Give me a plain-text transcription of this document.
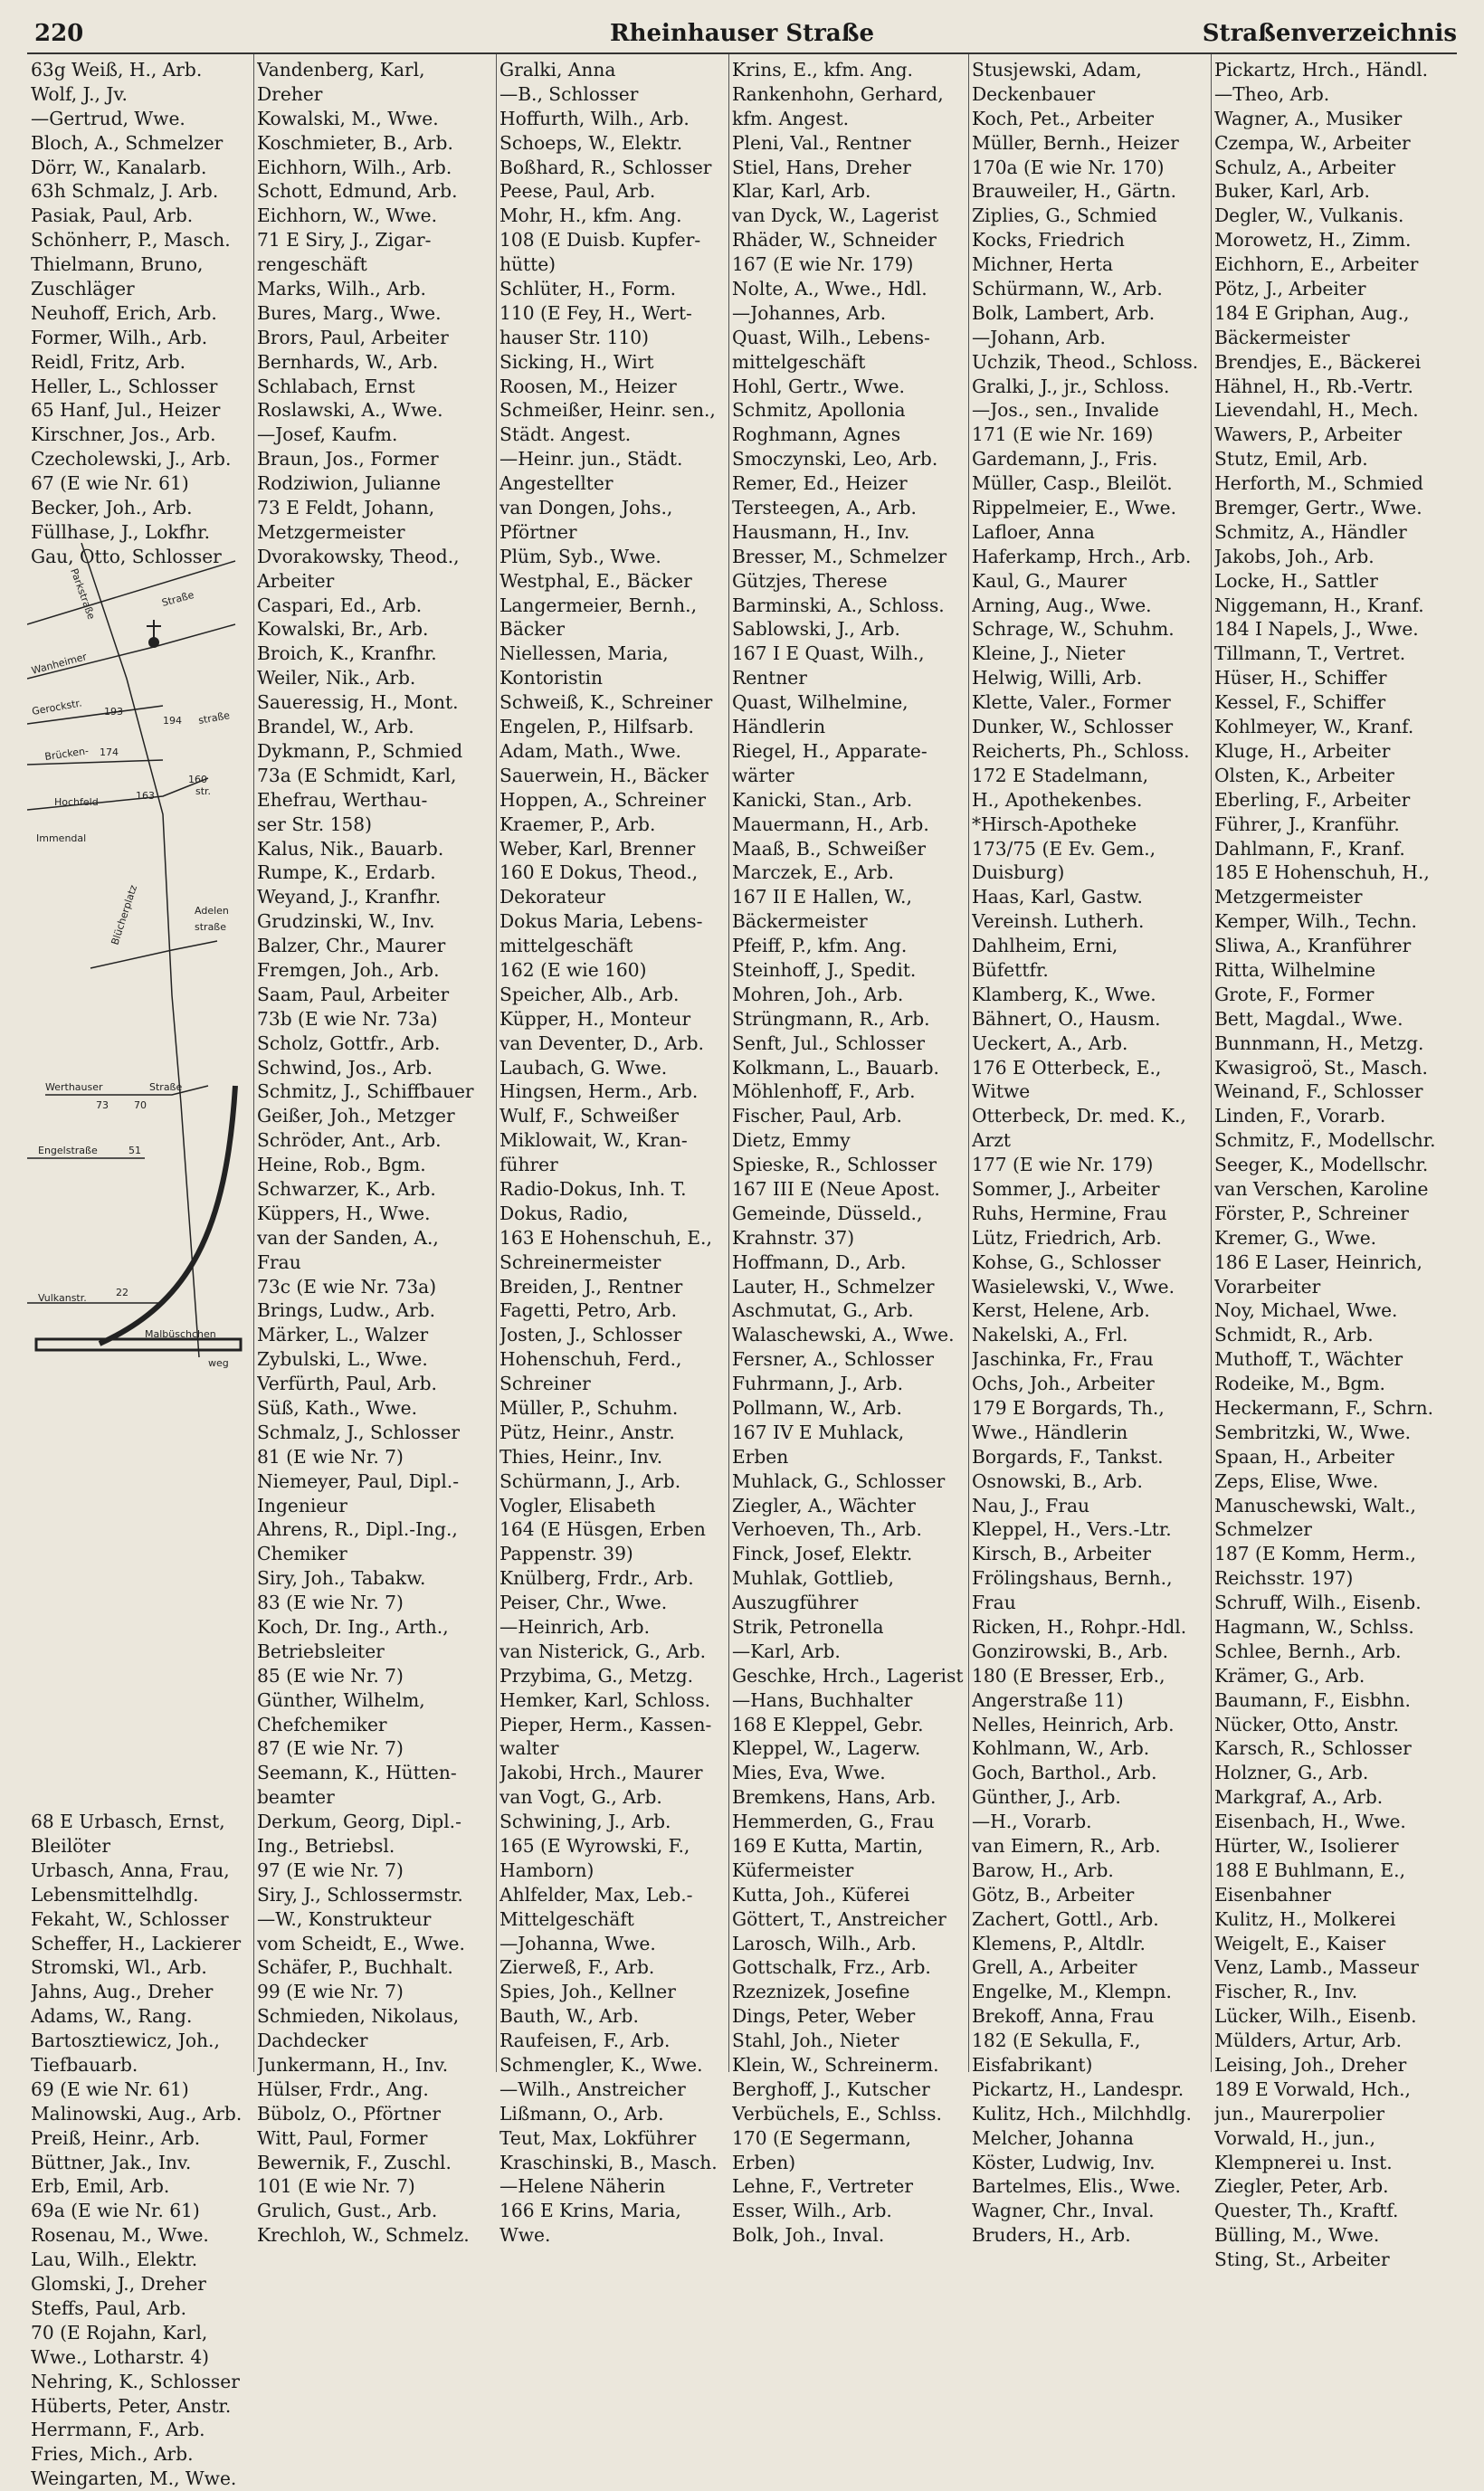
220	Rheinhauser Straße	Straßenverzeichnis
63g Weiß, H., Arb.
Wolf, J., Jv.
—Gertrud, Wwe.
Bloch, A., Schmelzer
Dörr, W., Kanalarb.
63h Schmalz, J. Arb.
Pasiak, Paul, Arb.
Schönherr, P., Masch.
Thielmann, Bruno,
Zuschläger
Neuhoff, Erich, Arb.
Former, Wilh., Arb.
Reidl, Fritz, Arb.
Heller, L., Schlosser
65 Hanf, Jul., Heizer
Kirschner, Jos., Arb.
Czecholewski, J., Arb.
67 (E wie Nr. 61)
Becker, Joh., Arb.
Füllhase, J., Lokfhr.
Gau, Otto, Schlosser
68 E Urbasch, Ernst,
Bleilöter
Urbasch, Anna, Frau,
Lebensmittelhdlg.
Fekaht, W., Schlosser
Scheffer, H., Lackierer
Stromski, Wl., Arb.
Jahns, Aug., Dreher
Adams, W., Rang.
Bartosztiewicz, Joh.,
Tiefbauarb.
69 (E wie Nr. 61)
Malinowski, Aug., Arb.
Preiß, Heinr., Arb.
Büttner, Jak., Inv.
Erb, Emil, Arb.
69a (E wie Nr. 61)
Rosenau, M., Wwe.
Lau, Wilh., Elektr.
Glomski, J., Dreher
Steffs, Paul, Arb.
70 (E Rojahn, Karl,
Wwe., Lotharstr. 4)
Nehring, K., Schlosser
Hüberts, Peter, Anstr.
Herrmann, F., Arb.
Fries, Mich., Arb.
Weingarten, M., Wwe.
Vandenberg, Karl,
Dreher
Kowalski, M., Wwe.
Koschmieter, B., Arb.
Eichhorn, Wilh., Arb.
Schott, Edmund, Arb.
Eichhorn, W., Wwe.
71 E Siry, J., Zigar-
rengeschäft
Marks, Wilh., Arb.
Bures, Marg., Wwe.
Brors, Paul, Arbeiter
Bernhards, W., Arb.
Schlabach, Ernst
Roslawski, A., Wwe.
—Josef, Kaufm.
Braun, Jos., Former
Rodziwion, Julianne
73 E Feldt, Johann,
Metzgermeister
Dvorakowsky, Theod.,
Arbeiter
Caspari, Ed., Arb.
Kowalski, Br., Arb.
Broich, K., Kranfhr.
Weiler, Nik., Arb.
Saueressig, H., Mont.
Brandel, W., Arb.
Dykmann, P., Schmied
73a (E Schmidt, Karl,
Ehefrau, Werthau-
ser Str. 158)
Kalus, Nik., Bauarb.
Rumpe, K., Erdarb.
Weyand, J., Kranfhr.
Grudzinski, W., Inv.
Balzer, Chr., Maurer
Fremgen, Joh., Arb.
Saam, Paul, Arbeiter
73b (E wie Nr. 73a)
Scholz, Gottfr., Arb.
Schwind, Jos., Arb.
Schmitz, J., Schiffbauer
Geißer, Joh., Metzger
Schröder, Ant., Arb.
Heine, Rob., Bgm.
Schwarzer, K., Arb.
Küppers, H., Wwe.
van der Sanden, A.,
Frau
73c (E wie Nr. 73a)
Brings, Ludw., Arb.
Märker, L., Walzer
Zybulski, L., Wwe.
Verfürth, Paul, Arb.
Süß, Kath., Wwe.
Schmalz, J., Schlosser
81 (E wie Nr. 7)
Niemeyer, Paul, Dipl.-
Ingenieur
Ahrens, R., Dipl.-Ing.,
Chemiker
Siry, Joh., Tabakw.
83 (E wie Nr. 7)
Koch, Dr. Ing., Arth.,
Betriebsleiter
85 (E wie Nr. 7)
Günther, Wilhelm,
Chefchemiker
87 (E wie Nr. 7)
Seemann, K., Hütten-
beamter
Derkum, Georg, Dipl.-
Ing., Betriebsl.
97 (E wie Nr. 7)
Siry, J., Schlossermstr.
—W., Konstrukteur
vom Scheidt, E., Wwe.
Schäfer, P., Buchhalt.
99 (E wie Nr. 7)
Schmieden, Nikolaus,
Dachdecker
Junkermann, H., Inv.
Hülser, Frdr., Ang.
Bübolz, O., Pförtner
Witt, Paul, Former
Bewernik, F., Zuschl.
101 (E wie Nr. 7)
Grulich, Gust., Arb.
Krechloh, W., Schmelz.
Gralki, Anna
—B., Schlosser
Hoffurth, Wilh., Arb.
Schoeps, W., Elektr.
Boßhard, R., Schlosser
Peese, Paul, Arb.
Mohr, H., kfm. Ang.
108 (E Duisb. Kupfer-
hütte)
Schlüter, H., Form.
110 (E Fey, H., Wert-
hauser Str. 110)
Sicking, H., Wirt
Roosen, M., Heizer
Schmeißer, Heinr. sen.,
Städt. Angest.
—Heinr. jun., Städt.
Angestellter
van Dongen, Johs.,
Pförtner
Plüm, Syb., Wwe.
Westphal, E., Bäcker
Langermeier, Bernh.,
Bäcker
Niellessen, Maria,
Kontoristin
Schweiß, K., Schreiner
Engelen, P., Hilfsarb.
Adam, Math., Wwe.
Sauerwein, H., Bäcker
Hoppen, A., Schreiner
Kraemer, P., Arb.
Weber, Karl, Brenner
160 E Dokus, Theod.,
Dekorateur
Dokus Maria, Lebens-
mittelgeschäft
162 (E wie 160)
Speicher, Alb., Arb.
Küpper, H., Monteur
van Deventer, D., Arb.
Laubach, G. Wwe.
Hingsen, Herm., Arb.
Wulf, F., Schweißer
Miklowait, W., Kran-
führer
Radio-Dokus, Inh. T.
Dokus, Radio,
163 E Hohenschuh, E.,
Schreinermeister
Breiden, J., Rentner
Fagetti, Petro, Arb.
Josten, J., Schlosser
Hohenschuh, Ferd.,
Schreiner
Müller, P., Schuhm.
Pütz, Heinr., Anstr.
Thies, Heinr., Inv.
Schürmann, J., Arb.
Vogler, Elisabeth
164 (E Hüsgen, Erben
Pappenstr. 39)
Knülberg, Frdr., Arb.
Peiser, Chr., Wwe.
—Heinrich, Arb.
van Nisterick, G., Arb.
Przybima, G., Metzg.
Hemker, Karl, Schloss.
Pieper, Herm., Kassen-
walter
Jakobi, Hrch., Maurer
van Vogt, G., Arb.
Schwining, J., Arb.
165 (E Wyrowski, F.,
Hamborn)
Ahlfelder, Max, Leb.-
Mittelgeschäft
—Johanna, Wwe.
Zierweß, F., Arb.
Spies, Joh., Kellner
Bauth, W., Arb.
Raufeisen, F., Arb.
Schmengler, K., Wwe.
—Wilh., Anstreicher
Lißmann, O., Arb.
Teut, Max, Lokführer
Kraschinski, B., Masch.
—Helene Näherin
166 E Krins, Maria,
Wwe.
Krins, E., kfm. Ang.
Rankenhohn, Gerhard,
kfm. Angest.
Pleni, Val., Rentner
Stiel, Hans, Dreher
Klar, Karl, Arb.
van Dyck, W., Lagerist
Rhäder, W., Schneider
167 (E wie Nr. 179)
Nolte, A., Wwe., Hdl.
—Johannes, Arb.
Quast, Wilh., Lebens-
mittelgeschäft
Hohl, Gertr., Wwe.
Schmitz, Apollonia
Roghmann, Agnes
Smoczynski, Leo, Arb.
Remer, Ed., Heizer
Tersteegen, A., Arb.
Hausmann, H., Inv.
Bresser, M., Schmelzer
Gützjes, Therese
Barminski, A., Schloss.
Sablowski, J., Arb.
167 I E Quast, Wilh.,
Rentner
Quast, Wilhelmine,
Händlerin
Riegel, H., Apparate-
wärter
Kanicki, Stan., Arb.
Mauermann, H., Arb.
Maaß, B., Schweißer
Marczek, E., Arb.
167 II E Hallen, W.,
Bäckermeister
Pfeiff, P., kfm. Ang.
Steinhoff, J., Spedit.
Mohren, Joh., Arb.
Strüngmann, R., Arb.
Senft, Jul., Schlosser
Kolkmann, L., Bauarb.
Möhlenhoff, F., Arb.
Fischer, Paul, Arb.
Dietz, Emmy
Spieske, R., Schlosser
167 III E (Neue Apost.
Gemeinde, Düsseld.,
Krahnstr. 37)
Hoffmann, D., Arb.
Lauter, H., Schmelzer
Aschmutat, G., Arb.
Walaschewski, A., Wwe.
Fersner, A., Schlosser
Fuhrmann, J., Arb.
Pollmann, W., Arb.
167 IV E Muhlack,
Erben
Muhlack, G., Schlosser
Ziegler, A., Wächter
Verhoeven, Th., Arb.
Finck, Josef, Elektr.
Muhlak, Gottlieb,
Auszugführer
Strik, Petronella
—Karl, Arb.
Geschke, Hrch., Lagerist
—Hans, Buchhalter
168 E Kleppel, Gebr.
Kleppel, W., Lagerw.
Mies, Eva, Wwe.
Bremkens, Hans, Arb.
Hemmerden, G., Frau
169 E Kutta, Martin,
Küfermeister
Kutta, Joh., Küferei
Göttert, T., Anstreicher
Larosch, Wilh., Arb.
Gottschalk, Frz., Arb.
Rzeznizek, Josefine
Dings, Peter, Weber
Stahl, Joh., Nieter
Klein, W., Schreinerm.
Berghoff, J., Kutscher
Verbüchels, E., Schlss.
170 (E Segermann,
Erben)
Lehne, F., Vertreter
Esser, Wilh., Arb.
Bolk, Joh., Inval.
Stusjewski, Adam,
Deckenbauer
Koch, Pet., Arbeiter
Müller, Bernh., Heizer
170a (E wie Nr. 170)
Brauweiler, H., Gärtn.
Ziplies, G., Schmied
Kocks, Friedrich
Michner, Herta
Schürmann, W., Arb.
Bolk, Lambert, Arb.
—Johann, Arb.
Uchzik, Theod., Schloss.
Gralki, J., jr., Schloss.
—Jos., sen., Invalide
171 (E wie Nr. 169)
Gardemann, J., Fris.
Müller, Casp., Bleilöt.
Rippelmeier, E., Wwe.
Lafloer, Anna
Haferkamp, Hrch., Arb.
Kaul, G., Maurer
Arning, Aug., Wwe.
Schrage, W., Schuhm.
Kleine, J., Nieter
Helwig, Willi, Arb.
Klette, Valer., Former
Dunker, W., Schlosser
Reicherts, Ph., Schloss.
172 E Stadelmann,
H., Apothekenbes.
*Hirsch-Apotheke
173/75 (E Ev. Gem.,
Duisburg)
Haas, Karl, Gastw.
Vereinsh. Lutherh.
Dahlheim, Erni,
Büfettfr.
Klamberg, K., Wwe.
Bähnert, O., Hausm.
Ueckert, A., Arb.
176 E Otterbeck, E.,
Witwe
Otterbeck, Dr. med. K.,
Arzt
177 (E wie Nr. 179)
Sommer, J., Arbeiter
Ruhs, Hermine, Frau
Lütz, Friedrich, Arb.
Kohse, G., Schlosser
Wasielewski, V., Wwe.
Kerst, Helene, Arb.
Nakelski, A., Frl.
Jaschinka, Fr., Frau
Ochs, Joh., Arbeiter
179 E Borgards, Th.,
Wwe., Händlerin
Borgards, F., Tankst.
Osnowski, B., Arb.
Nau, J., Frau
Kleppel, H., Vers.-Ltr.
Kirsch, B., Arbeiter
Frölingshaus, Bernh.,
Frau
Ricken, H., Rohpr.-Hdl.
Gonzirowski, B., Arb.
180 (E Bresser, Erb.,
Angerstraße 11)
Nelles, Heinrich, Arb.
Kohlmann, W., Arb.
Goch, Barthol., Arb.
Günther, J., Arb.
—H., Vorarb.
van Eimern, R., Arb.
Barow, H., Arb.
Götz, B., Arbeiter
Zachert, Gottl., Arb.
Klemens, P., Altdlr.
Grell, A., Arbeiter
Engelke, M., Klempn.
Brekoff, Anna, Frau
182 (E Sekulla, F.,
Eisfabrikant)
Pickartz, H., Landespr.
Kulitz, Hch., Milchhdlg.
Melcher, Johanna
Köster, Ludwig, Inv.
Bartelmes, Elis., Wwe.
Wagner, Chr., Inval.
Bruders, H., Arb.
Pickartz, Hrch., Händl.
—Theo, Arb.
Wagner, A., Musiker
Czempa, W., Arbeiter
Schulz, A., Arbeiter
Buker, Karl, Arb.
Degler, W., Vulkanis.
Morowetz, H., Zimm.
Eichhorn, E., Arbeiter
Pötz, J., Arbeiter
184 E Griphan, Aug.,
Bäckermeister
Brendjes, E., Bäckerei
Hähnel, H., Rb.-Vertr.
Lievendahl, H., Mech.
Wawers, P., Arbeiter
Stutz, Emil, Arb.
Herforth, M., Schmied
Bremger, Gertr., Wwe.
Schmitz, A., Händler
Jakobs, Joh., Arb.
Locke, H., Sattler
Niggemann, H., Kranf.
184 I Napels, J., Wwe.
Tillmann, T., Vertret.
Hüser, H., Schiffer
Kessel, F., Schiffer
Kohlmeyer, W., Kranf.
Kluge, H., Arbeiter
Olsten, K., Arbeiter
Eberling, F., Arbeiter
Führer, J., Kranführ.
Dahlmann, F., Kranf.
185 E Hohenschuh, H.,
Metzgermeister
Kemper, Wilh., Techn.
Sliwa, A., Kranführer
Ritta, Wilhelmine
Grote, F., Former
Bett, Magdal., Wwe.
Bunnmann, H., Metzg.
Kwasigroö, St., Masch.
Weinand, F., Schlosser
Linden, F., Vorarb.
Schmitz, F., Modellschr.
Seeger, K., Modellschr.
van Verschen, Karoline
Förster, P., Schreiner
Kremer, G., Wwe.
186 E Laser, Heinrich,
Vorarbeiter
Noy, Michael, Wwe.
Schmidt, R., Arb.
Muthoff, T., Wächter
Rodeike, M., Bgm.
Heckermann, F., Schrn.
Sembritzki, W., Wwe.
Spaan, H., Arbeiter
Zeps, Elise, Wwe.
Manuschewski, Walt.,
Schmelzer
187 (E Komm, Herm.,
Reichsstr. 197)
Schruff, Wilh., Eisenb.
Hagmann, W., Schlss.
Schlee, Bernh., Arb.
Krämer, G., Arb.
Baumann, F., Eisbhn.
Nücker, Otto, Anstr.
Karsch, R., Schlosser
Holzner, G., Arb.
Markgraf, A., Arb.
Eisenbach, H., Wwe.
Hürter, W., Isolierer
188 E Buhlmann, E.,
Eisenbahner
Kulitz, H., Molkerei
Weigelt, E., Kaiser
Venz, Lamb., Masseur
Fischer, R., Inv.
Lücker, Wilh., Eisenb.
Mülders, Artur, Arb.
Leising, Joh., Dreher
189 E Vorwald, Hch.,
jun., Maurerpolier
Vorwald, H., jun.,
Klempnerei u. Inst.
Ziegler, Peter, Arb.
Quester, Th., Kraftf.
Bülling, M., Wwe.
Sting, St., Arbeiter
Parkstraße	Straße
Wanheimer
Gerockstr. 193
194 straße
Brücken- 174
Hochfeld-
163
160
str.
Immendal
Blücherplatz	Adelen
straße
Werthauser	Straße
73	70
Engelstraße	51
Vulkanstr.
Malbüschchen
weg
22
